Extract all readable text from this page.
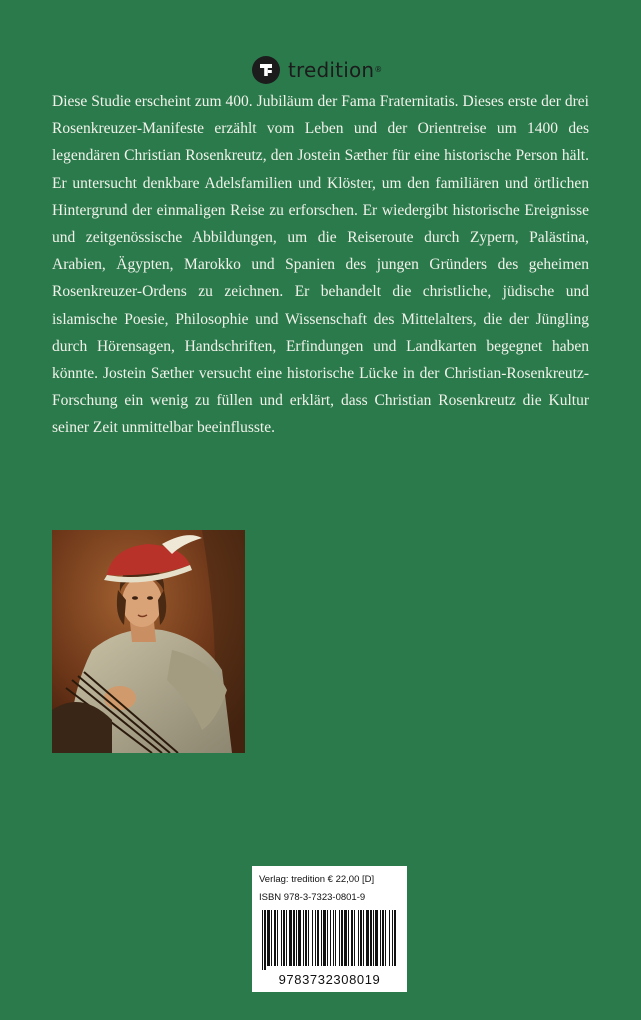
tredition ®

Diese Studie erscheint zum 400. Jubiläum der Fama Fraternitatis. Dieses erste der drei Rosenkreuzer-Manifeste erzählt vom Leben und der Orientreise um 1400 des legendären Christian Rosenkreutz, den Jostein Sæther für eine historische Person hält. Er untersucht denkbare Adelsfamilien und Klöster, um den familiären und örtlichen Hintergrund der einmaligen Reise zu erforschen. Er wiedergibt historische Ereignisse und zeitgenössische Abbildungen, um die Reiseroute durch Zypern, Palästina, Arabien, Ägypten, Marokko und Spanien des jungen Gründers des geheimen Rosenkreuzer-Ordens zu zeichnen. Er behandelt die christliche, jüdische und islamische Poesie, Philosophie und Wissenschaft des Mittelalters, die der Jüngling durch Hörensagen, Handschriften, Erfindungen und Landkarten begegnet haben könnte. Jostein Sæther versucht eine historische Lücke in der Christian-Rosenkreutz-Forschung ein wenig zu füllen und erklärt, dass Christian Rosenkreutz die Kultur seiner Zeit unmittelbar beeinflusste.

Verlag: tredition € 22,00 [D]
ISBN 978-3-7323-0801-9
9783732308019
